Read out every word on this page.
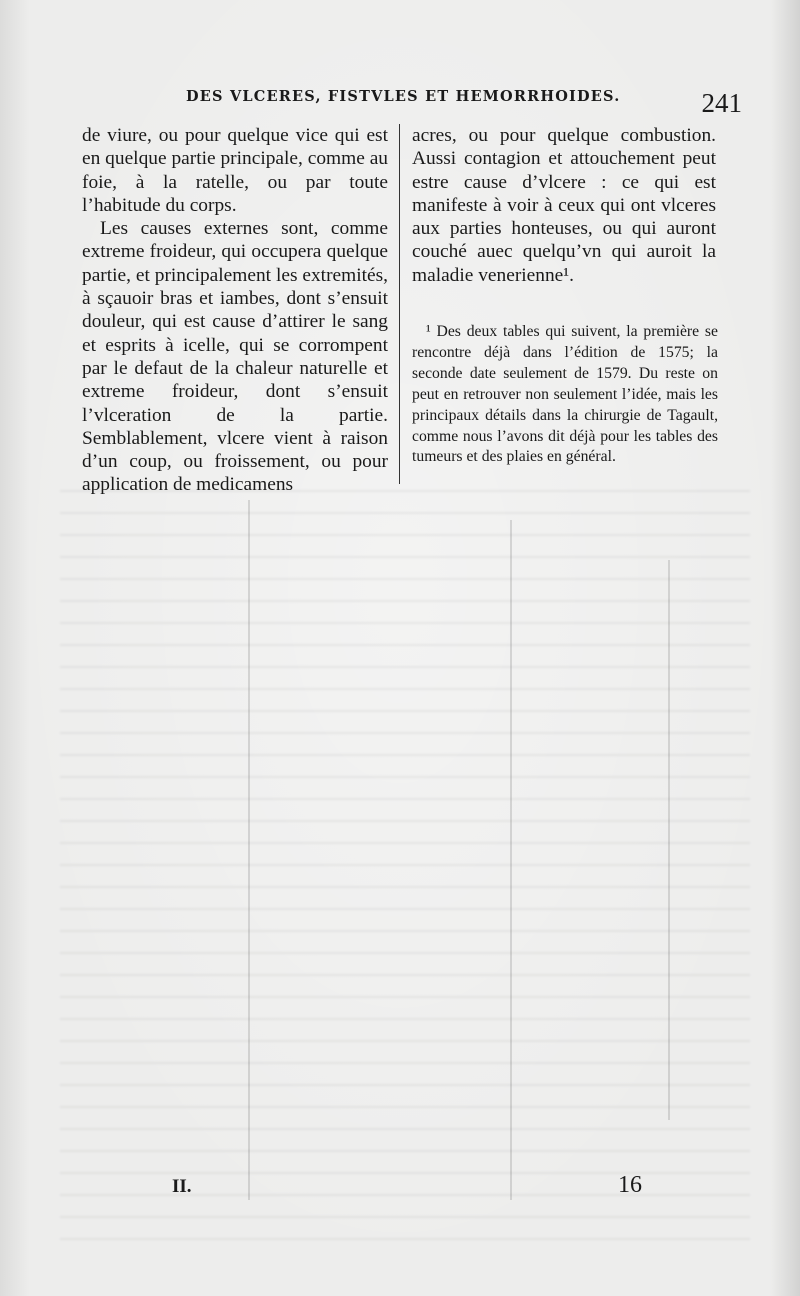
DES VLCERES, FISTVLES ET HEMORRHOIDES.	241

de viure, ou pour quelque vice qui est en quelque partie principale, comme au foie, à la ratelle, ou par toute l’habitude du corps.

Les causes externes sont, comme extreme froideur, qui occupera quelque partie, et principalement les extremités, à sçauoir bras et iambes, dont s’ensuit douleur, qui est cause d’attirer le sang et esprits à icelle, qui se corrompent par le defaut de la chaleur naturelle et extreme froideur, dont s’ensuit l’vlceration de la partie. Semblablement, vlcere vient à raison d’un coup, ou froissement, ou pour application de medicamens

acres, ou pour quelque combustion. Aussi contagion et attouchement peut estre cause d’vlcere : ce qui est manifeste à voir à ceux qui ont vlceres aux parties honteuses, ou qui auront couché auec quelqu’vn qui auroit la maladie venerienne¹.

¹ Des deux tables qui suivent, la première se rencontre déjà dans l’édition de 1575; la seconde date seulement de 1579. Du reste on peut en retrouver non seulement l’idée, mais les principaux détails dans la chirurgie de Tagault, comme nous l’avons dit déjà pour les tables des tumeurs et des plaies en général.

II.	16
